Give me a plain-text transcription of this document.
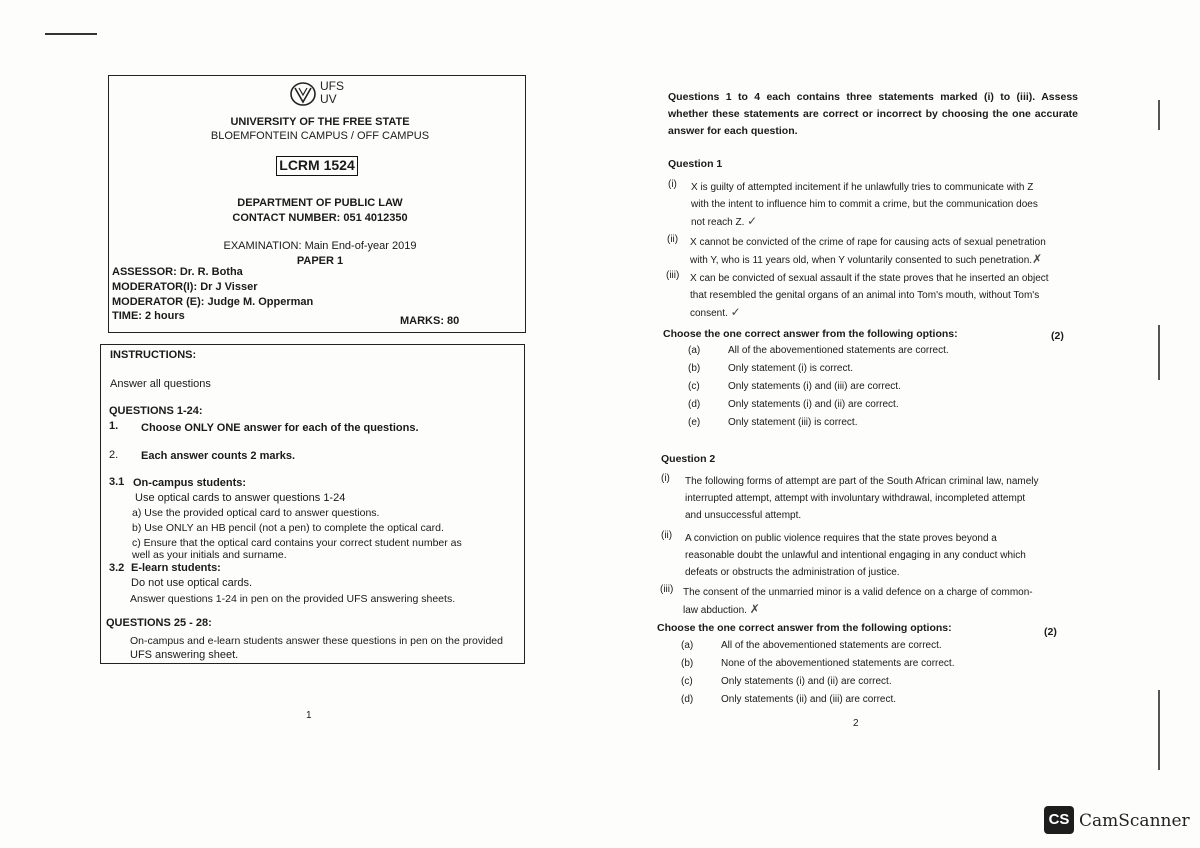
UFS
UV
UNIVERSITY OF THE FREE STATE
BLOEMFONTEIN CAMPUS / OFF CAMPUS
LCRM 1524
DEPARTMENT OF PUBLIC LAW
CONTACT NUMBER: 051 4012350
EXAMINATION: Main End-of-year 2019
PAPER 1
ASSESSOR: Dr. R. Botha
MODERATOR(I): Dr J Visser
MODERATOR (E): Judge M. Opperman
TIME: 2 hours	MARKS: 80
INSTRUCTIONS:
Answer all questions
QUESTIONS 1-24:
1. Choose ONLY ONE answer for each of the questions.
2. Each answer counts 2 marks.
3.1 On-campus students:
Use optical cards to answer questions 1-24
a) Use the provided optical card to answer questions.
b) Use ONLY an HB pencil (not a pen) to complete the optical card.
c) Ensure that the optical card contains your correct student number as
well as your initials and surname.
3.2 E-learn students:
Do not use optical cards.
Answer questions 1-24 in pen on the provided UFS answering sheets.
QUESTIONS 25 - 28:
On-campus and e-learn students answer these questions in pen on the provided
UFS answering sheet.
1
Questions 1 to 4 each contains three statements marked (i) to (iii). Assess whether these statements are correct or incorrect by choosing the one accurate answer for each question.
Question 1
(i) X is guilty of attempted incitement if he unlawfully tries to communicate with Z
with the intent to influence him to commit a crime, but the communication does
not reach Z. ✓
(ii) X cannot be convicted of the crime of rape for causing acts of sexual penetration
with Y, who is 11 years old, when Y voluntarily consented to such penetration.✗
(iii) X can be convicted of sexual assault if the state proves that he inserted an object
that resembled the genital organs of an animal into Tom's mouth, without Tom's
consent. ✓
Choose the one correct answer from the following options:	(2)
(a)	All of the abovementioned statements are correct.
(b)	Only statement (i) is correct.
(c)	Only statements (i) and (iii) are correct.
(d)	Only statements (i) and (ii) are correct.
(e)	Only statement (iii) is correct.
Question 2
(i) The following forms of attempt are part of the South African criminal law, namely
interrupted attempt, attempt with involuntary withdrawal, incompleted attempt
and unsuccessful attempt.
(ii) A conviction on public violence requires that the state proves beyond a
reasonable doubt the unlawful and intentional engaging in any conduct which
defeats or obstructs the administration of justice.
(iii) The consent of the unmarried minor is a valid defence on a charge of common-
law abduction. ✗
Choose the one correct answer from the following options:	(2)
(a)	All of the abovementioned statements are correct.
(b)	None of the abovementioned statements are correct.
(c)	Only statements (i) and (ii) are correct.
(d)	Only statements (ii) and (iii) are correct.
2
CS CamScanner
